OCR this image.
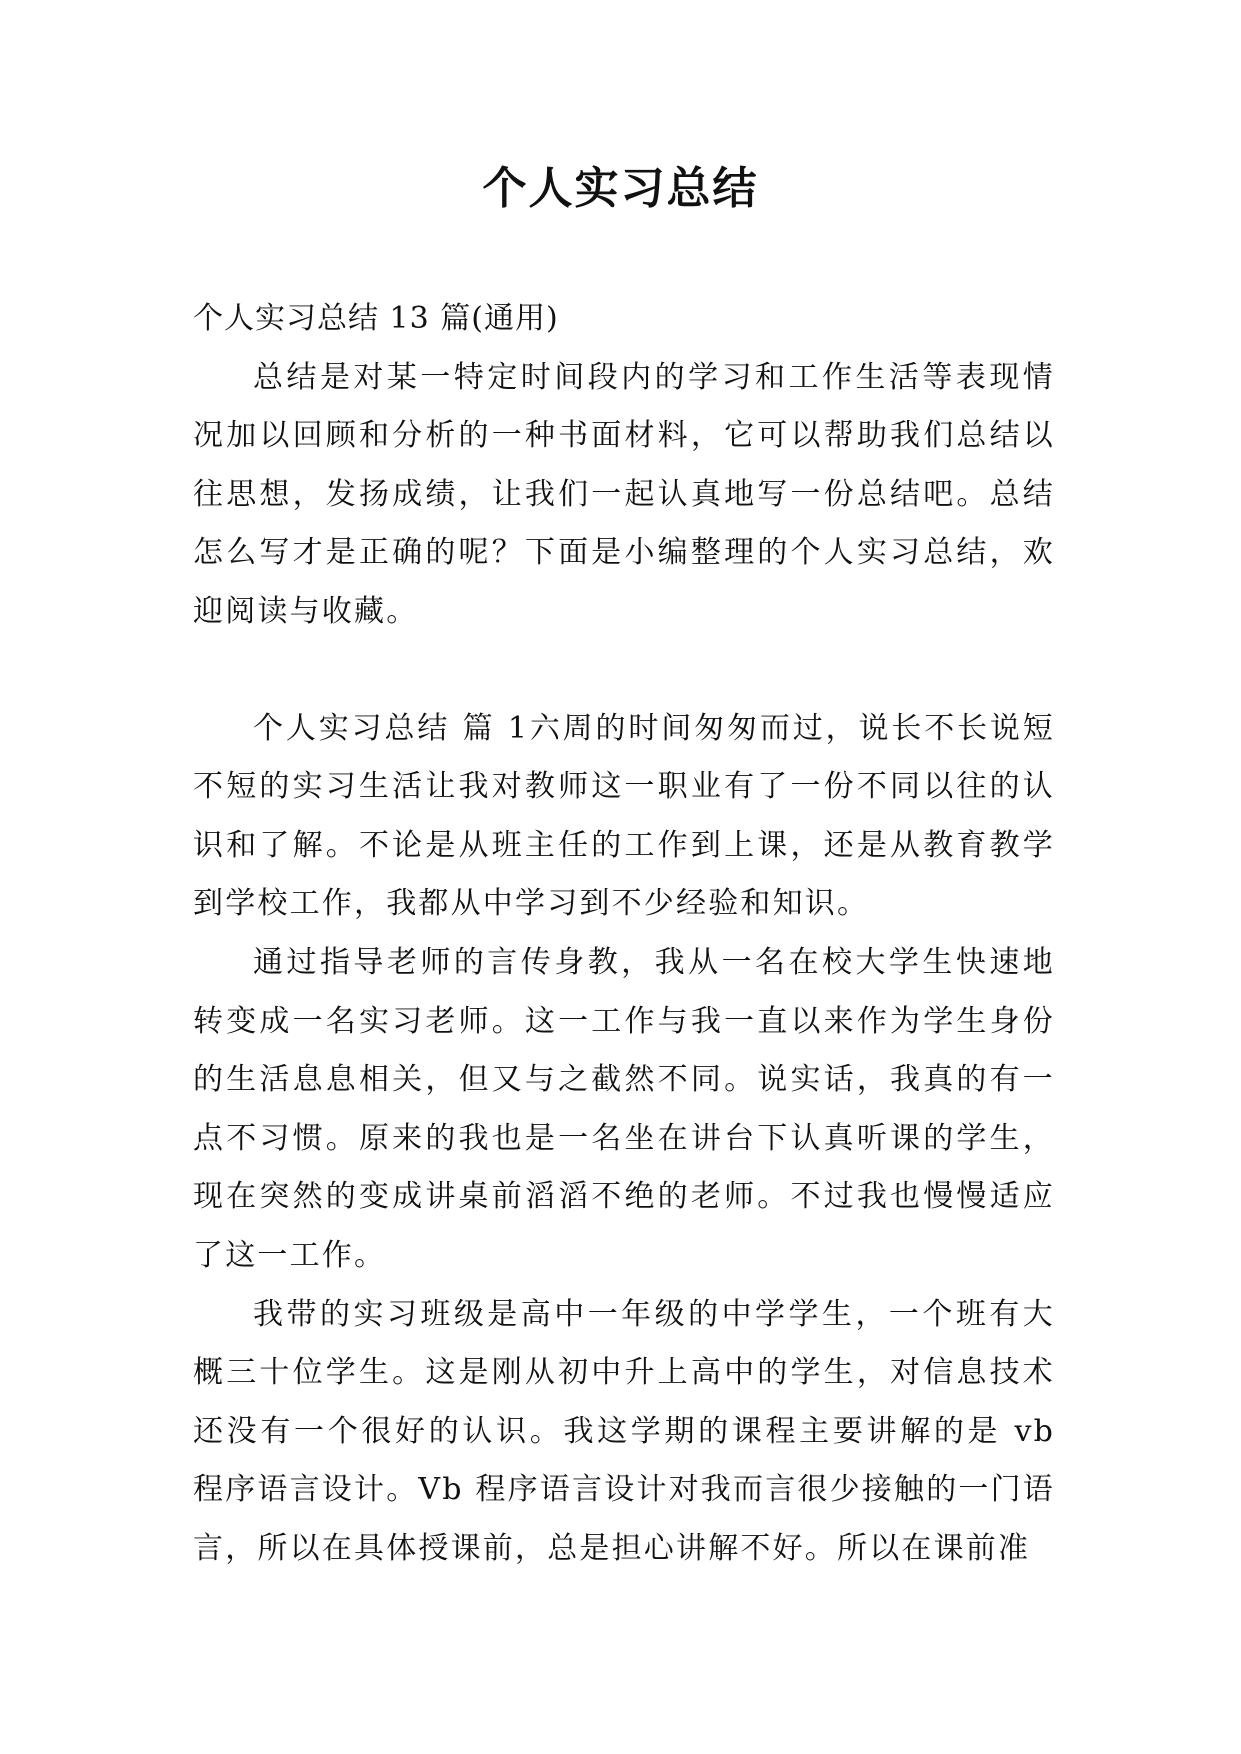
个人实习总结

个人实习总结 13 篇(通用)

总结是对某一特定时间段内的学习和工作生活等表现情况加以回顾和分析的一种书面材料，它可以帮助我们总结以往思想，发扬成绩，让我们一起认真地写一份总结吧。总结怎么写才是正确的呢？下面是小编整理的个人实习总结，欢迎阅读与收藏。

个人实习总结 篇 1六周的时间匆匆而过，说长不长说短不短的实习生活让我对教师这一职业有了一份不同以往的认识和了解。不论是从班主任的工作到上课，还是从教育教学到学校工作，我都从中学习到不少经验和知识。

通过指导老师的言传身教，我从一名在校大学生快速地转变成一名实习老师。这一工作与我一直以来作为学生身份的生活息息相关，但又与之截然不同。说实话，我真的有一点不习惯。原来的我也是一名坐在讲台下认真听课的学生，现在突然的变成讲桌前滔滔不绝的老师。不过我也慢慢适应了这一工作。

我带的实习班级是高中一年级的中学学生，一个班有大概三十位学生。这是刚从初中升上高中的学生，对信息技术还没有一个很好的认识。我这学期的课程主要讲解的是 vb 程序语言设计。Vb 程序语言设计对我而言很少接触的一门语言，所以在具体授课前，总是担心讲解不好。所以在课前准
